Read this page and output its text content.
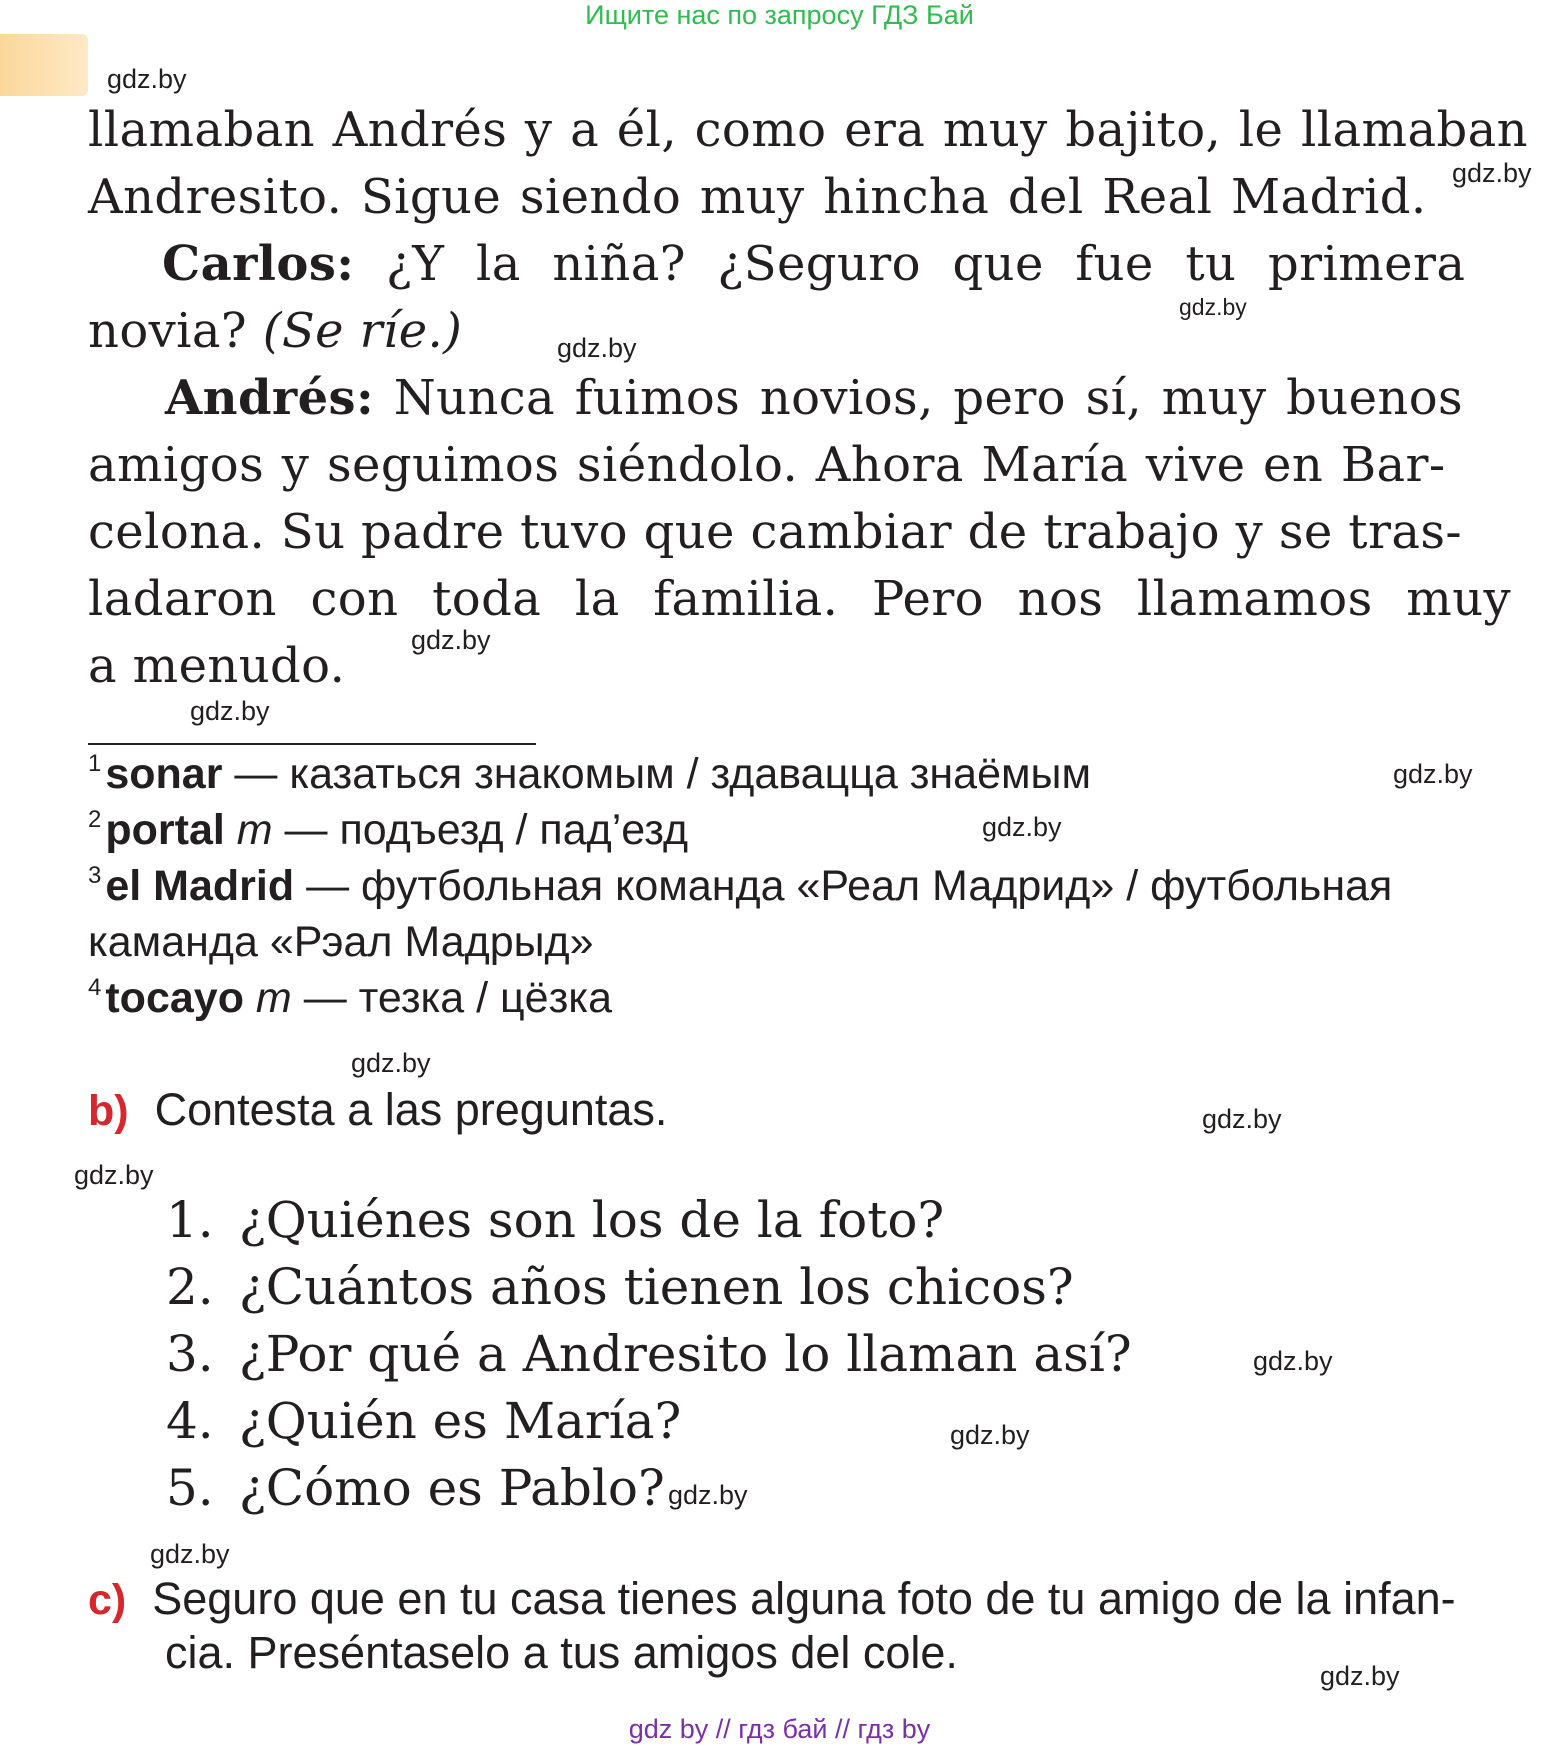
Ищите нас по запросу ГДЗ Бай
llamaban Andrés y a él, como era muy bajito, le llamaban
Andresito. Sigue siendo muy hincha del Real Madrid.
Carlos: ¿Y la niña? ¿Seguro que fue tu primera
novia? (Se ríe.)
Andrés: Nunca fuimos novios, pero sí, muy buenos
amigos y seguimos siéndolo. Ahora María vive en Bar-
celona. Su padre tuvo que cambiar de trabajo y se tras-
ladaron con toda la familia. Pero nos llamamos muy
a menudo.
$^1$sonar — казаться знакомым / здавацца знаёмым
$^2$portal m — подъезд / пад’езд
$^3$el Madrid — футбольная команда «Реал Мадрид» / футбольная
каманда «Рэал Мадрыд»
$^4$tocayo m — тезка / цёзка
b) Contesta a las preguntas.
1. ¿Quiénes son los de la foto?
2. ¿Cuántos años tienen los chicos?
3. ¿Por qué a Andresito lo llaman así?
4. ¿Quién es María?
5. ¿Cómo es Pablo?
c) Seguro que en tu casa tienes alguna foto de tu amigo de la infan-
cia. Preséntaselo a tus amigos del cole.
gdz.by
gdz.by
gdz.by
gdz.by
gdz.by
gdz.by
gdz.by
gdz.by
gdz.by
gdz.by
gdz.by
gdz.by
gdz.by
gdz.by
gdz.by
gdz.by
gdz by // гдз бай // гдз by
